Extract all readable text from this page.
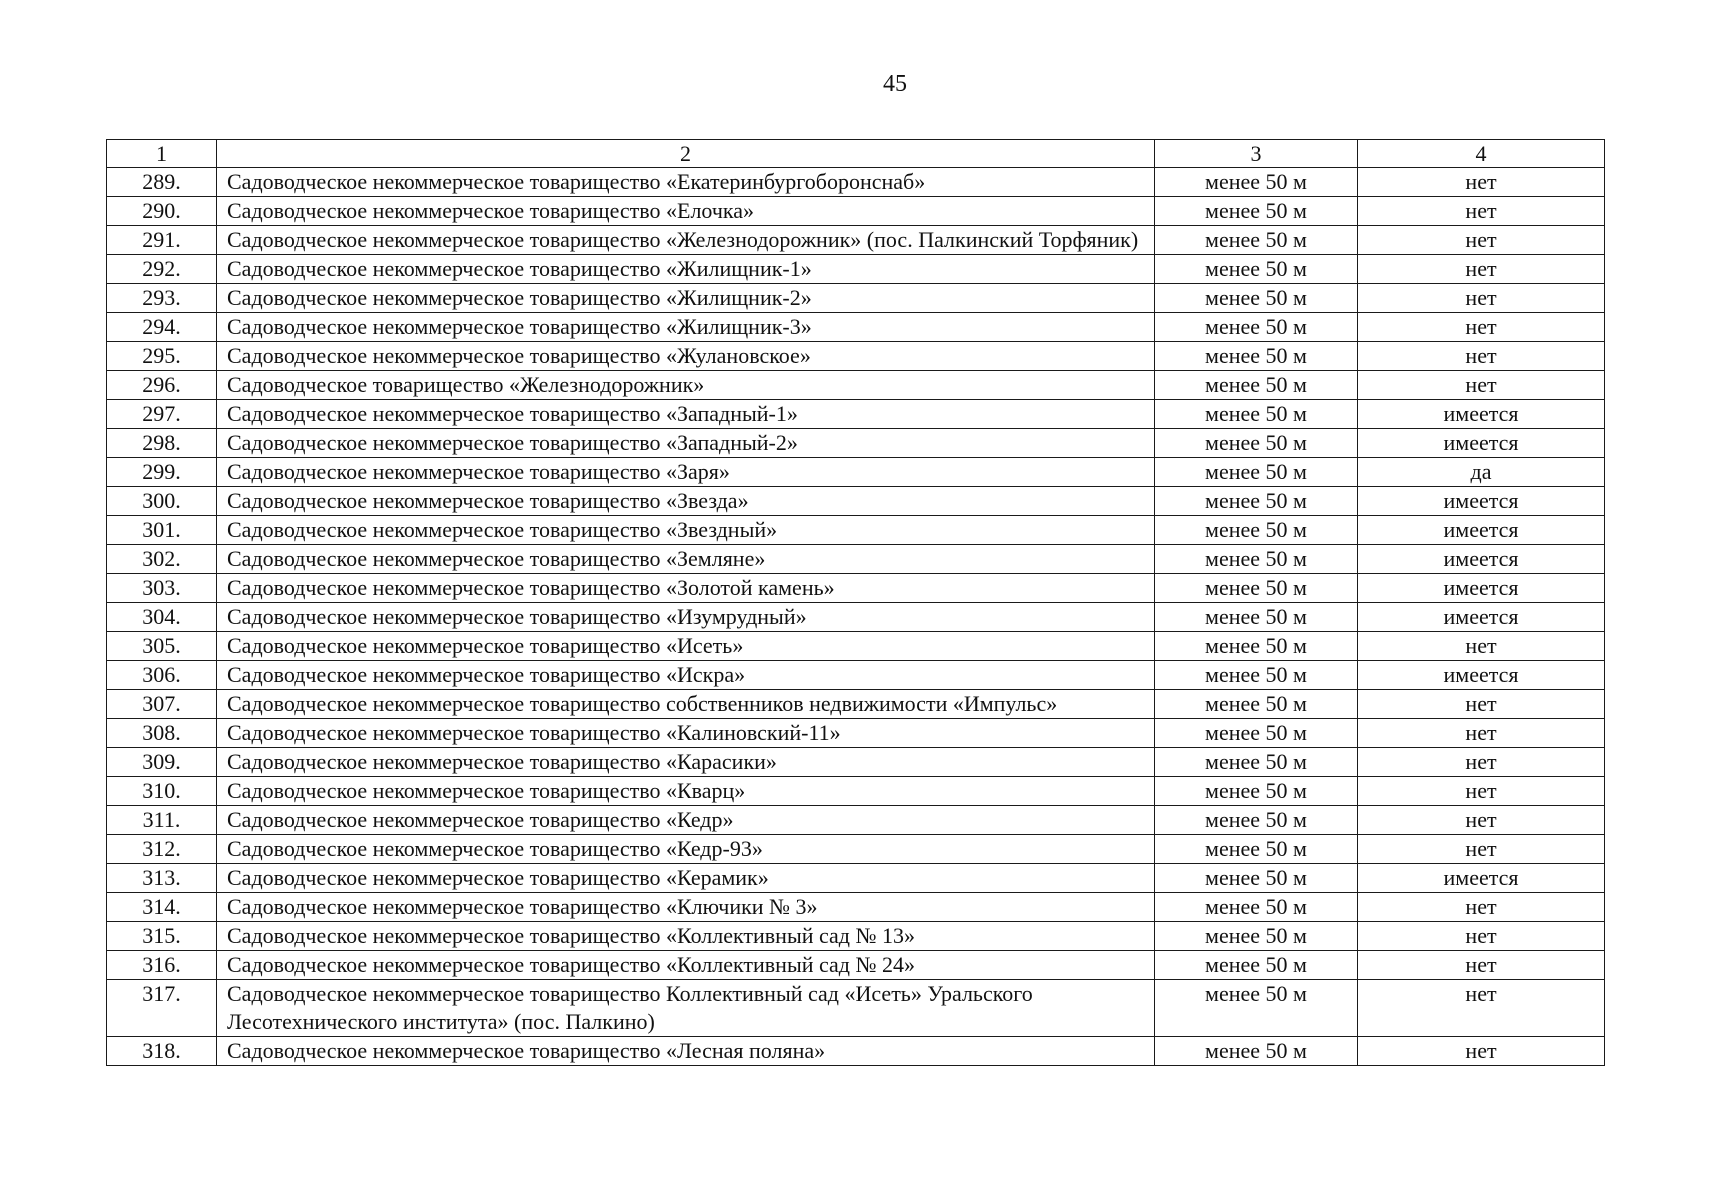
45
1	2	3	4
289.	Садоводческое некоммерческое товарищество «Екатеринбургоборонснаб»	менее 50 м	нет
290.	Садоводческое некоммерческое товарищество «Елочка»	менее 50 м	нет
291.	Садоводческое некоммерческое товарищество «Железнодорожник» (пос. Палкинский Торфяник)	менее 50 м	нет
292.	Садоводческое некоммерческое товарищество «Жилищник-1»	менее 50 м	нет
293.	Садоводческое некоммерческое товарищество «Жилищник-2»	менее 50 м	нет
294.	Садоводческое некоммерческое товарищество «Жилищник-3»	менее 50 м	нет
295.	Садоводческое некоммерческое товарищество «Жулановское»	менее 50 м	нет
296.	Садоводческое товарищество «Железнодорожник»	менее 50 м	нет
297.	Садоводческое некоммерческое товарищество «Западный-1»	менее 50 м	имеется
298.	Садоводческое некоммерческое товарищество «Западный-2»	менее 50 м	имеется
299.	Садоводческое некоммерческое товарищество «Заря»	менее 50 м	да
300.	Садоводческое некоммерческое товарищество «Звезда»	менее 50 м	имеется
301.	Садоводческое некоммерческое товарищество «Звездный»	менее 50 м	имеется
302.	Садоводческое некоммерческое товарищество «Земляне»	менее 50 м	имеется
303.	Садоводческое некоммерческое товарищество «Золотой камень»	менее 50 м	имеется
304.	Садоводческое некоммерческое товарищество «Изумрудный»	менее 50 м	имеется
305.	Садоводческое некоммерческое товарищество «Исеть»	менее 50 м	нет
306.	Садоводческое некоммерческое товарищество «Искра»	менее 50 м	имеется
307.	Садоводческое некоммерческое товарищество собственников недвижимости «Импульс»	менее 50 м	нет
308.	Садоводческое некоммерческое товарищество «Калиновский-11»	менее 50 м	нет
309.	Садоводческое некоммерческое товарищество «Карасики»	менее 50 м	нет
310.	Садоводческое некоммерческое товарищество «Кварц»	менее 50 м	нет
311.	Садоводческое некоммерческое товарищество «Кедр»	менее 50 м	нет
312.	Садоводческое некоммерческое товарищество «Кедр-93»	менее 50 м	нет
313.	Садоводческое некоммерческое товарищество «Керамик»	менее 50 м	имеется
314.	Садоводческое некоммерческое товарищество «Ключики № 3»	менее 50 м	нет
315.	Садоводческое некоммерческое товарищество «Коллективный сад № 13»	менее 50 м	нет
316.	Садоводческое некоммерческое товарищество «Коллективный сад № 24»	менее 50 м	нет
317.	Садоводческое некоммерческое товарищество Коллективный сад «Исеть» Уральского Лесотехнического института» (пос. Палкино)	менее 50 м	нет
318.	Садоводческое некоммерческое товарищество «Лесная поляна»	менее 50 м	нет
